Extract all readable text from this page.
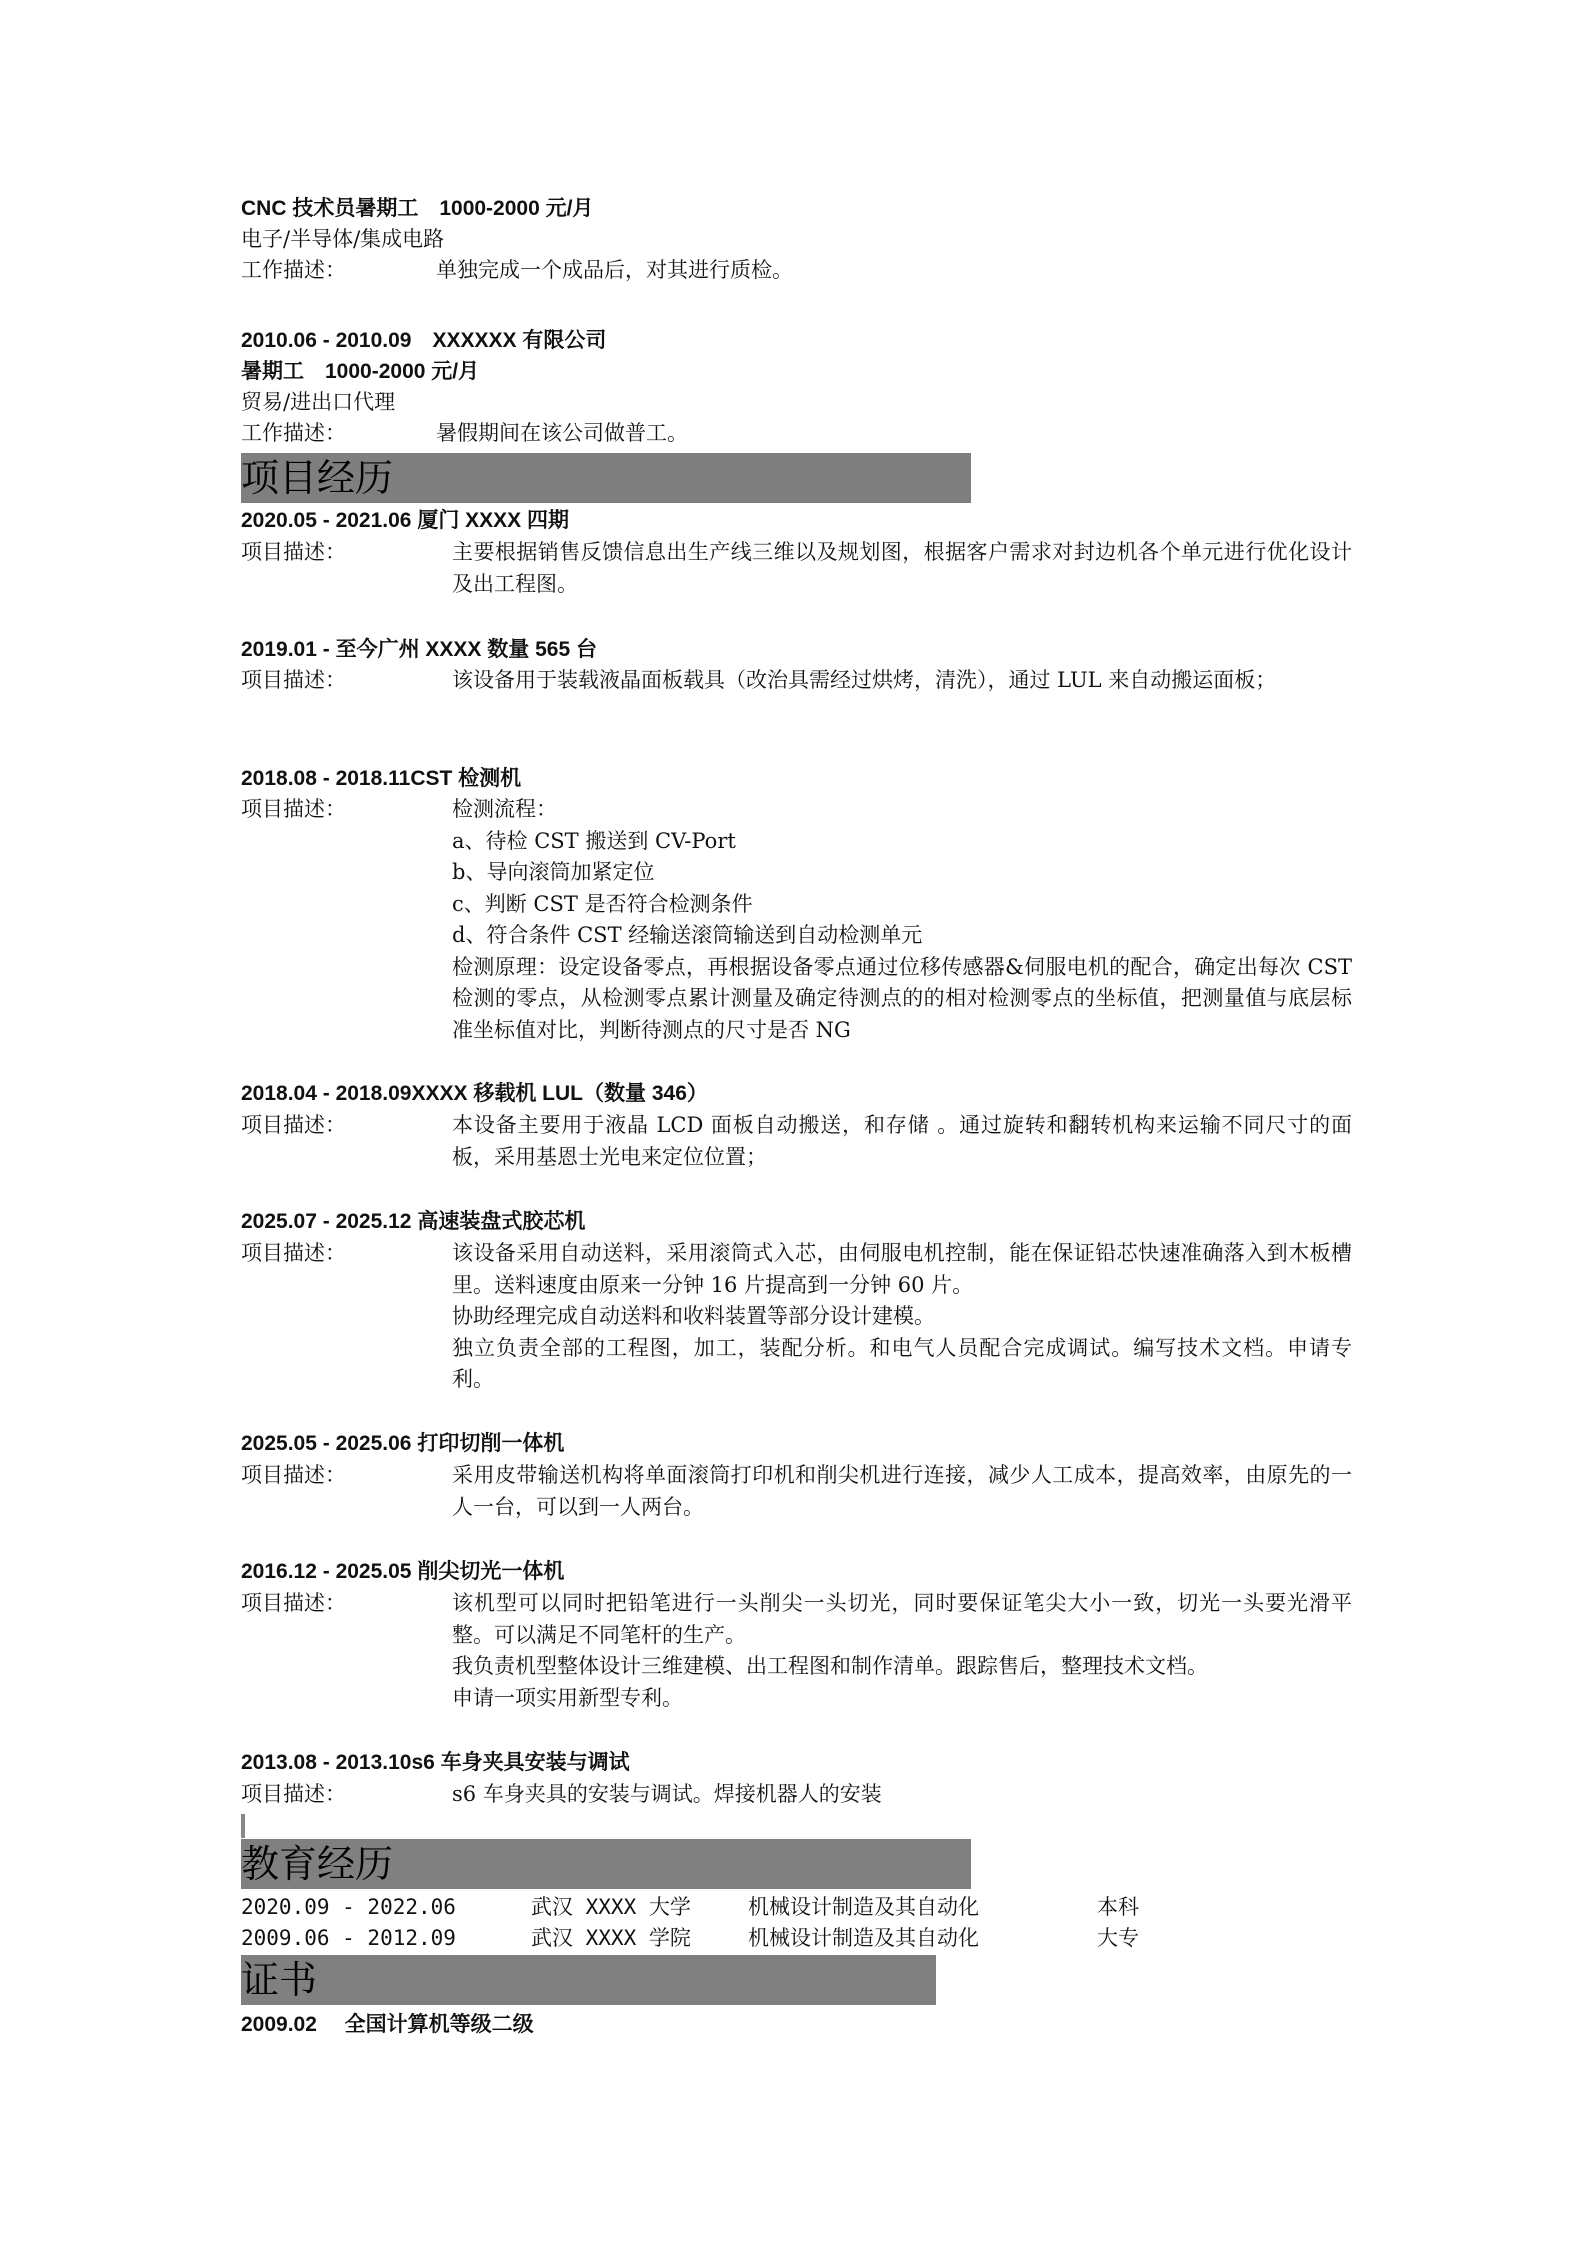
CNC 技术员暑期工　1000-2000 元/月
电子/半导体/集成电路
工作描述：	单独完成一个成品后，对其进行质检。
2010.06 - 2010.09　XXXXXX 有限公司
暑期工　1000-2000 元/月
贸易/进出口代理
工作描述：	暑假期间在该公司做普工。
项目经历
2020.05 - 2021.06 厦门 XXXX 四期
项目描述：	主要根据销售反馈信息出生产线三维以及规划图，根据客户需求对封边机各个单元进行优化设计及出工程图。
2019.01 - 至今广州 XXXX 数量 565 台
项目描述：	该设备用于装载液晶面板载具（改治具需经过烘烤，清洗），通过 LUL 来自动搬运面板；
2018.08 - 2018.11CST 检测机
项目描述：	检测流程：
a、待检 CST 搬送到 CV-Port
b、导向滚筒加紧定位
c、判断 CST 是否符合检测条件
d、符合条件 CST 经输送滚筒输送到自动检测单元
检测原理：设定设备零点，再根据设备零点通过位移传感器&伺服电机的配合，确定出每次 CST 检测的零点，从检测零点累计测量及确定待测点的的相对检测零点的坐标值，把测量值与底层标准坐标值对比，判断待测点的尺寸是否 NG
2018.04 - 2018.09XXXX 移载机 LUL（数量 346）
项目描述：	本设备主要用于液晶 LCD 面板自动搬送，和存储 。通过旋转和翻转机构来运输不同尺寸的面板，采用基恩士光电来定位位置；
2025.07 - 2025.12 高速装盘式胶芯机
项目描述：	该设备采用自动送料，采用滚筒式入芯，由伺服电机控制，能在保证铅芯快速准确落入到木板槽里。送料速度由原来一分钟 16 片提高到一分钟 60 片。
协助经理完成自动送料和收料装置等部分设计建模。
独立负责全部的工程图，加工，装配分析。和电气人员配合完成调试。编写技术文档。申请专利。
2025.05 - 2025.06 打印切削一体机
项目描述：	采用皮带输送机构将单面滚筒打印机和削尖机进行连接，减少人工成本，提高效率，由原先的一人一台，可以到一人两台。
2016.12 - 2025.05 削尖切光一体机
项目描述：	该机型可以同时把铅笔进行一头削尖一头切光，同时要保证笔尖大小一致，切光一头要光滑平整。可以满足不同笔杆的生产。
我负责机型整体设计三维建模、出工程图和制作清单。跟踪售后，整理技术文档。
申请一项实用新型专利。
2013.08 - 2013.10s6 车身夹具安装与调试
项目描述：	s6 车身夹具的安装与调试。焊接机器人的安装
教育经历
2020.09 - 2022.06	武汉 XXXX 大学	机械设计制造及其自动化	本科
2009.06 - 2012.09	武汉 XXXX 学院	机械设计制造及其自动化	大专
证书
2009.02 全国计算机等级二级
